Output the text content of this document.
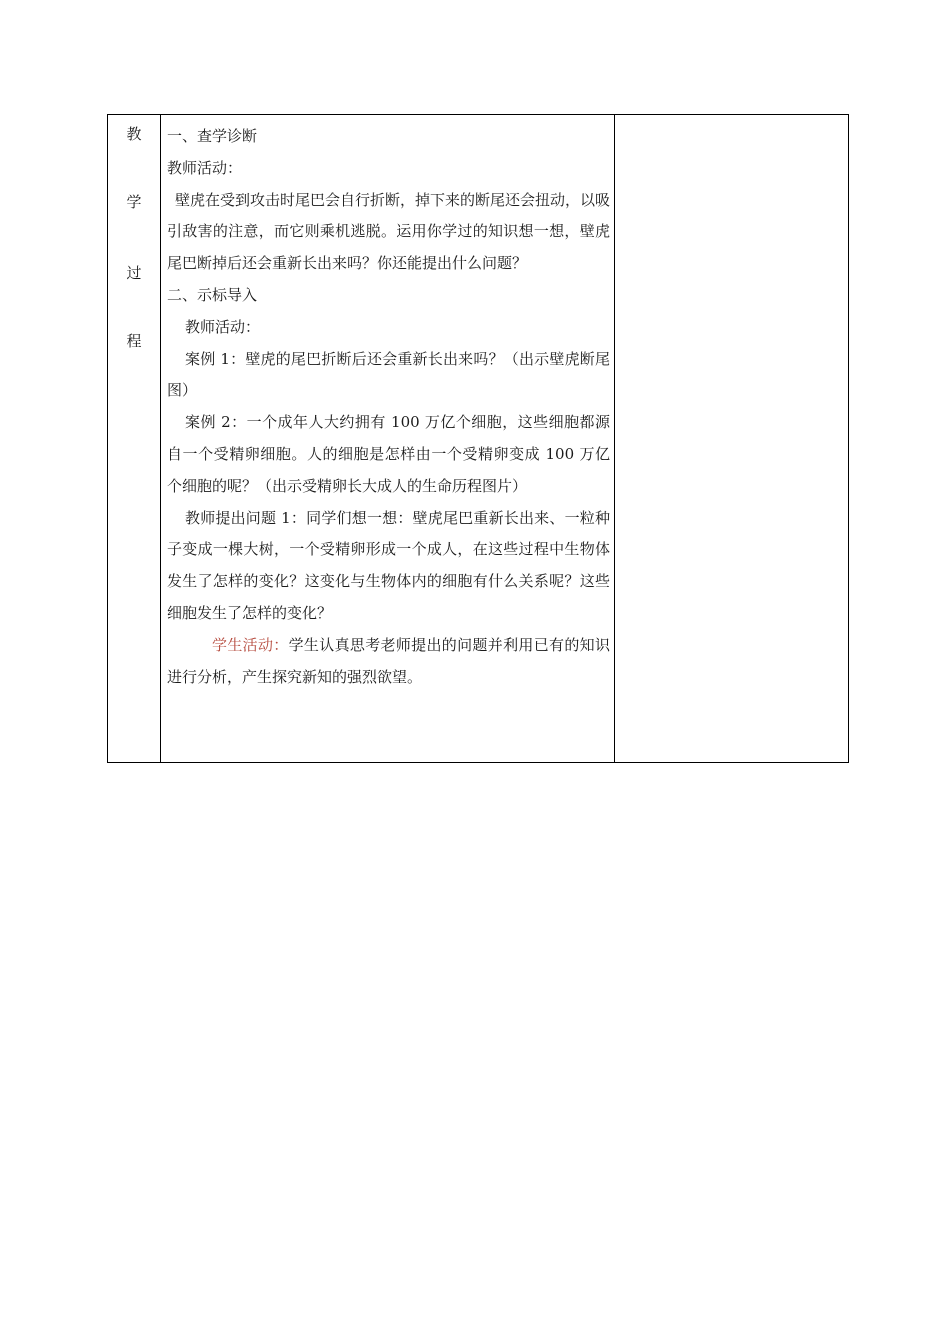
教
学
过
程
一、查学诊断
教师活动：
壁虎在受到攻击时尾巴会自行折断，掉下来的断尾还会扭动，以吸引敌害的注意，而它则乘机逃脱。运用你学过的知识想一想，壁虎尾巴断掉后还会重新长出来吗？你还能提出什么问题？
二、示标导入
教师活动：
案例 1：壁虎的尾巴折断后还会重新长出来吗？（出示壁虎断尾图）
案例 2：一个成年人大约拥有 100 万亿个细胞，这些细胞都源自一个受精卵细胞。人的细胞是怎样由一个受精卵变成 100 万亿个细胞的呢？（出示受精卵长大成人的生命历程图片）
教师提出问题 1：同学们想一想：壁虎尾巴重新长出来、一粒种子变成一棵大树，一个受精卵形成一个成人，在这些过程中生物体发生了怎样的变化？这变化与生物体内的细胞有什么关系呢？这些细胞发生了怎样的变化？
学生活动：学生认真思考老师提出的问题并利用已有的知识进行分析，产生探究新知的强烈欲望。
